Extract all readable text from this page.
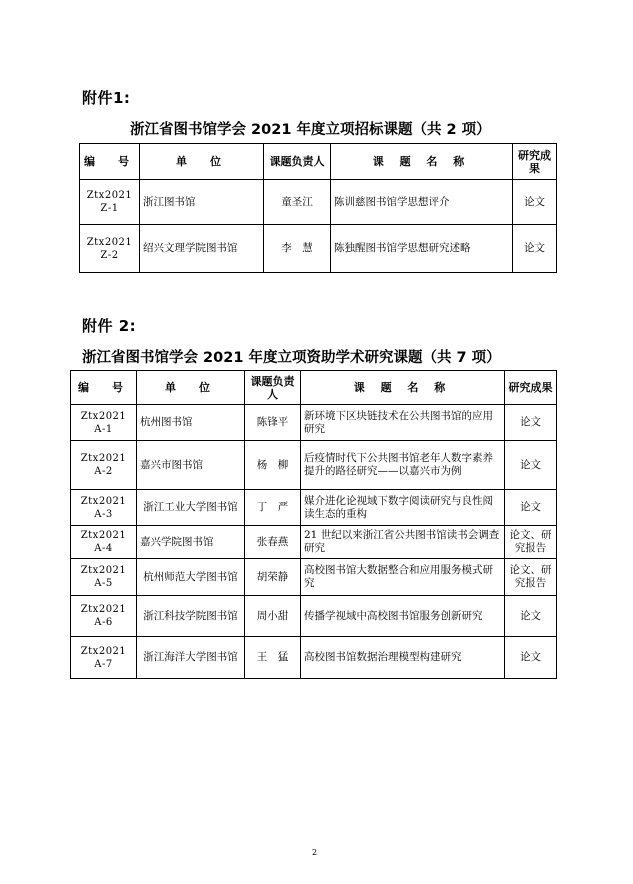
附件1:
浙江省图书馆学会 2021 年度立项招标课题（共 2 项）
编　号	单　位	课题负责人	课 题 名 称	研究成果
Ztx2021 Z-1	浙江图书馆	童圣江	陈训慈图书馆学思想评介	论文
Ztx2021 Z-2	绍兴文理学院图书馆	李　慧	陈独醒图书馆学思想研究述略	论文
附件 2:
浙江省图书馆学会 2021 年度立项资助学术研究课题（共 7 项）
编　号	单　位	课题负责人	课 题 名 称	研究成果
Ztx2021 A-1	杭州图书馆	陈锋平	新环境下区块链技术在公共图书馆的应用研究	论文
Ztx2021 A-2	嘉兴市图书馆	杨　柳	后疫情时代下公共图书馆老年人数字素养提升的路径研究——以嘉兴市为例	论文
Ztx2021 A-3	浙江工业大学图书馆	丁　严	媒介进化论视域下数字阅读研究与良性阅读生态的重构	论文
Ztx2021 A-4	嘉兴学院图书馆	张春燕	21 世纪以来浙江省公共图书馆读书会调查研究	论文、研究报告
Ztx2021 A-5	杭州师范大学图书馆	胡荣静	高校图书馆大数据整合和应用服务模式研究	论文、研究报告
Ztx2021 A-6	浙江科技学院图书馆	周小甜	传播学视域中高校图书馆服务创新研究	论文
Ztx2021 A-7	浙江海洋大学图书馆	王　猛	高校图书馆数据治理模型构建研究	论文
2
